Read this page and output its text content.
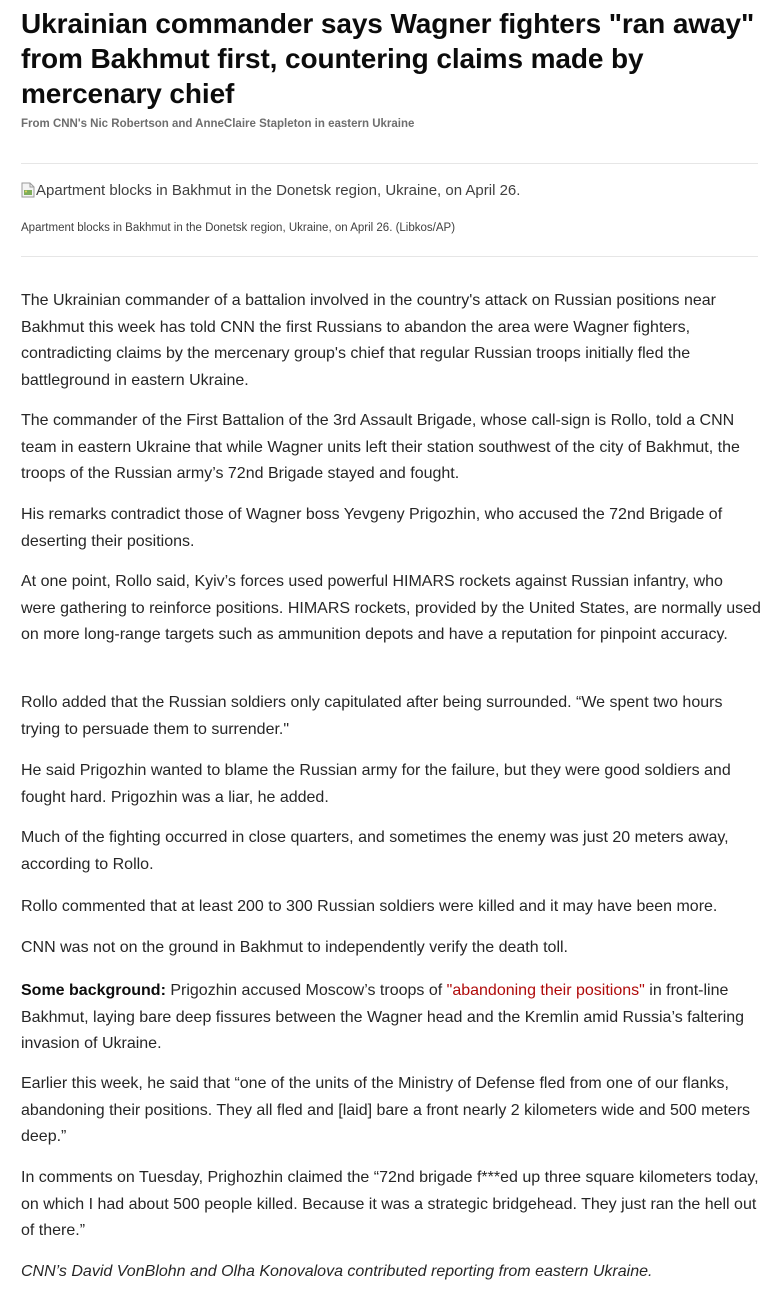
Ukrainian commander says Wagner fighters "ran away" from Bakhmut first, countering claims made by mercenary chief
From CNN's Nic Robertson and AnneClaire Stapleton in eastern Ukraine
Apartment blocks in Bakhmut in the Donetsk region, Ukraine, on April 26.
Apartment blocks in Bakhmut in the Donetsk region, Ukraine, on April 26. (Libkos/AP)

The Ukrainian commander of a battalion involved in the country's attack on Russian positions near Bakhmut this week has told CNN the first Russians to abandon the area were Wagner fighters, contradicting claims by the mercenary group's chief that regular Russian troops initially fled the battleground in eastern Ukraine.

The commander of the First Battalion of the 3rd Assault Brigade, whose call-sign is Rollo, told a CNN team in eastern Ukraine that while Wagner units left their station southwest of the city of Bakhmut, the troops of the Russian army’s 72nd Brigade stayed and fought.

His remarks contradict those of Wagner boss Yevgeny Prigozhin, who accused the 72nd Brigade of deserting their positions.

At one point, Rollo said, Kyiv’s forces used powerful HIMARS rockets against Russian infantry, who were gathering to reinforce positions. HIMARS rockets, provided by the United States, are normally used on more long-range targets such as ammunition depots and have a reputation for pinpoint accuracy.

Rollo added that the Russian soldiers only capitulated after being surrounded. “We spent two hours trying to persuade them to surrender."

He said Prigozhin wanted to blame the Russian army for the failure, but they were good soldiers and fought hard. Prigozhin was a liar, he added.

Much of the fighting occurred in close quarters, and sometimes the enemy was just 20 meters away, according to Rollo.

Rollo commented that at least 200 to 300 Russian soldiers were killed and it may have been more.

CNN was not on the ground in Bakhmut to independently verify the death toll.

Some background: Prigozhin accused Moscow’s troops of "abandoning their positions" in front-line Bakhmut, laying bare deep fissures between the Wagner head and the Kremlin amid Russia’s faltering invasion of Ukraine.

Earlier this week, he said that “one of the units of the Ministry of Defense fled from one of our flanks, abandoning their positions. They all fled and [laid] bare a front nearly 2 kilometers wide and 500 meters deep.”

In comments on Tuesday, Prighozhin claimed the “72nd brigade f***ed up three square kilometers today, on which I had about 500 people killed. Because it was a strategic bridgehead. They just ran the hell out of there.”

CNN’s David VonBlohn and Olha Konovalova contributed reporting from eastern Ukraine.
